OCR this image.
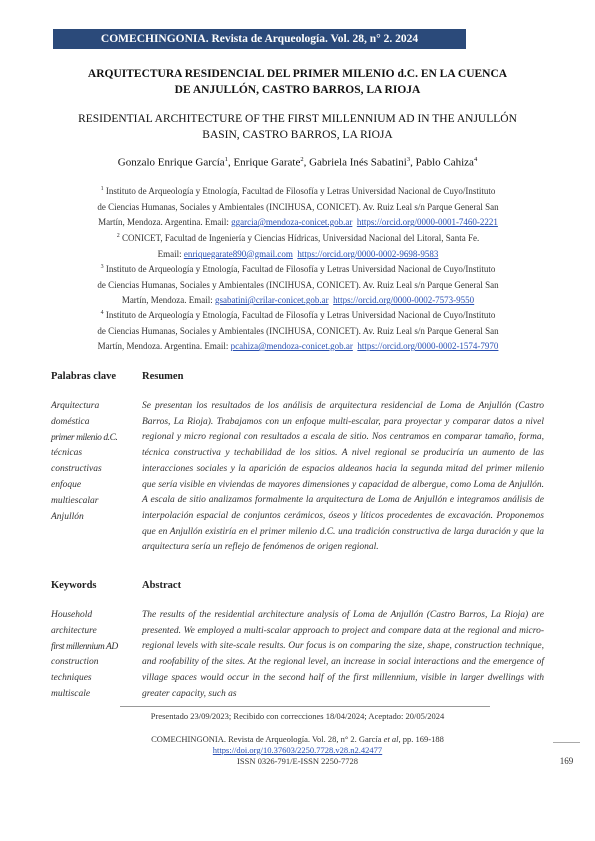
COMECHINGONIA. Revista de Arqueología. Vol. 28, n° 2. 2024
ARQUITECTURA RESIDENCIAL DEL PRIMER MILENIO d.C. EN LA CUENCA
DE ANJULLÓN, CASTRO BARROS, LA RIOJA
RESIDENTIAL ARCHITECTURE OF THE FIRST MILLENNIUM AD IN THE ANJULLÓN
BASIN, CASTRO BARROS, LA RIOJA
Gonzalo Enrique García$^1$, Enrique Garate$^2$, Gabriela Inés Sabatini$^3$, Pablo Cahiza$^4$
$^1$ Instituto de Arqueología y Etnología, Facultad de Filosofía y Letras Universidad Nacional de Cuyo/Instituto
de Ciencias Humanas, Sociales y Ambientales (INCIHUSA, CONICET). Av. Ruiz Leal s/n Parque General San
Martín, Mendoza. Argentina. Email: ggarcia@mendoza-conicet.gob.ar https://orcid.org/0000-0001-7460-2221
$^2$ CONICET, Facultad de Ingeniería y Ciencias Hídricas, Universidad Nacional del Litoral, Santa Fe.
Email: enriquegarate890@gmail.com https://orcid.org/0000-0002-9698-9583
$^3$ Instituto de Arqueología y Etnología, Facultad de Filosofía y Letras Universidad Nacional de Cuyo/Instituto
de Ciencias Humanas, Sociales y Ambientales (INCIHUSA, CONICET). Av. Ruiz Leal s/n Parque General San
Martín, Mendoza. Email: gsabatini@crilar-conicet.gob.ar https://orcid.org/0000-0002-7573-9550
$^4$ Instituto de Arqueología y Etnología, Facultad de Filosofía y Letras Universidad Nacional de Cuyo/Instituto
de Ciencias Humanas, Sociales y Ambientales (INCIHUSA, CONICET). Av. Ruiz Leal s/n Parque General San
Martín, Mendoza. Argentina. Email: pcahiza@mendoza-conicet.gob.ar https://orcid.org/0000-0002-1574-7970
Palabras clave Resumen
Arquitectura
doméstica
primer milenio d.C.
técnicas
constructivas
enfoque
multiescalar
Anjullón

Se presentan los resultados de los análisis de arquitectura residencial de Loma de Anjullón (Castro Barros, La Rioja). Trabajamos con un enfoque multi-escalar, para proyectar y comparar datos a nivel regional y micro regional con resultados a escala de sitio. Nos centramos en comparar tamaño, forma, técnica constructiva y techabilidad de los sitios. A nivel regional se produciría un aumento de las interacciones sociales y la aparición de espacios aldeanos hacia la segunda mitad del primer milenio que sería visible en viviendas de mayores dimensiones y capacidad de albergue, como Loma de Anjullón. A escala de sitio analizamos formalmente la arquitectura de Loma de Anjullón e integramos análisis de interpolación espacial de conjuntos cerámicos, óseos y líticos procedentes de excavación. Proponemos que en Anjullón existiría en el primer milenio d.C. una tradición constructiva de larga duración y que la arquitectura sería un reflejo de fenómenos de origen regional.

Keywords	Abstract
Household
architecture
first millennium AD
construction
techniques
multiscale

The results of the residential architecture analysis of Loma de Anjullón (Castro Barros, La Rioja) are presented. We employed a multi-scalar approach to project and compare data at the regional and micro-regional levels with site-scale results. Our focus is on comparing the size, shape, construction technique, and roofability of the sites. At the regional level, an increase in social interactions and the emergence of village spaces would occur in the second half of the first millennium, visible in larger dwellings with greater capacity, such as

Presentado 23/09/2023; Recibido con correcciones 18/04/2024; Aceptado: 20/05/2024
COMECHINGONIA. Revista de Arqueología. Vol. 28, n° 2. García et al, pp. 169-188
https://doi.org/10.37603/2250.7728.v28.n2.42477
ISSN 0326-791/E-ISSN 2250-7728	169
